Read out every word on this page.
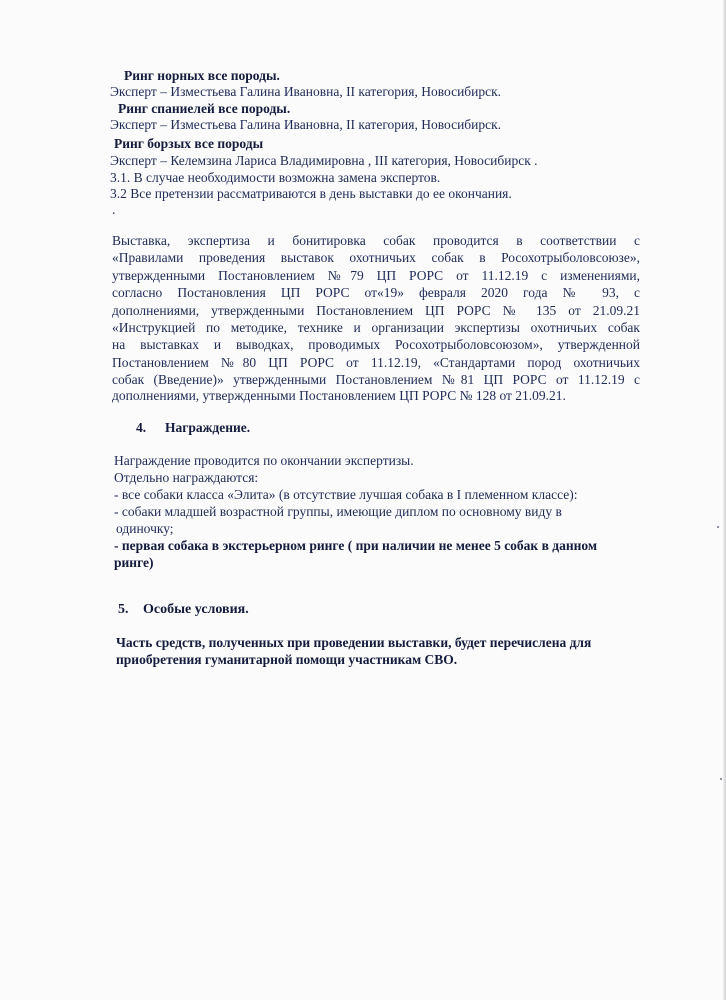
Ринг норных все породы.
Эксперт – Изместьева Галина Ивановна, II категория, Новосибирск.
Ринг спаниелей все породы.
Эксперт – Изместьева Галина Ивановна, II категория, Новосибирск.
Ринг борзых все породы
Эксперт – Келемзина Лариса Владимировна , III категория, Новосибирск .
3.1. В случае необходимости возможна замена экспертов.
3.2 Все претензии рассматриваются в день выставки до ее окончания.
.
Выставка, экспертиза и бонитировка собак проводится в соответствии с
«Правилами проведения выставок охотничьих собак в Росохотрыболовсоюзе»,
утвержденными Постановлением №79 ЦП РОРС от 11.12.19 с изменениями,
согласно Постановления ЦП РОРС от«19» февраля 2020 года № 93, с
дополнениями, утвержденными Постановлением ЦП РОРС № 135 от 21.09.21
«Инструкцией по методике, технике и организации экспертизы охотничьих собак
на выставках и выводках, проводимых Росохотрыболовсоюзом», утвержденной
Постановлением №80 ЦП РОРС от 11.12.19, «Стандартами пород охотничьих
собак (Введение)» утвержденными Постановлением №81 ЦП РОРС от 11.12.19 с
дополнениями, утвержденными Постановлением ЦП РОРС № 128 от 21.09.21.
4. Награждение.
Награждение проводится по окончании экспертизы.
Отдельно награждаются:
- все собаки класса «Элита» (в отсутствие лучшая собака в I племенном классе):
- собаки младшей возрастной группы, имеющие диплом по основному виду в
одиночку;
- первая собака в экстерьерном ринге ( при наличии не менее 5 собак в данном
ринге)
5. Особые условия.
Часть средств, полученных при проведении выставки, будет перечислена для
приобретения гуманитарной помощи участникам СВО.
